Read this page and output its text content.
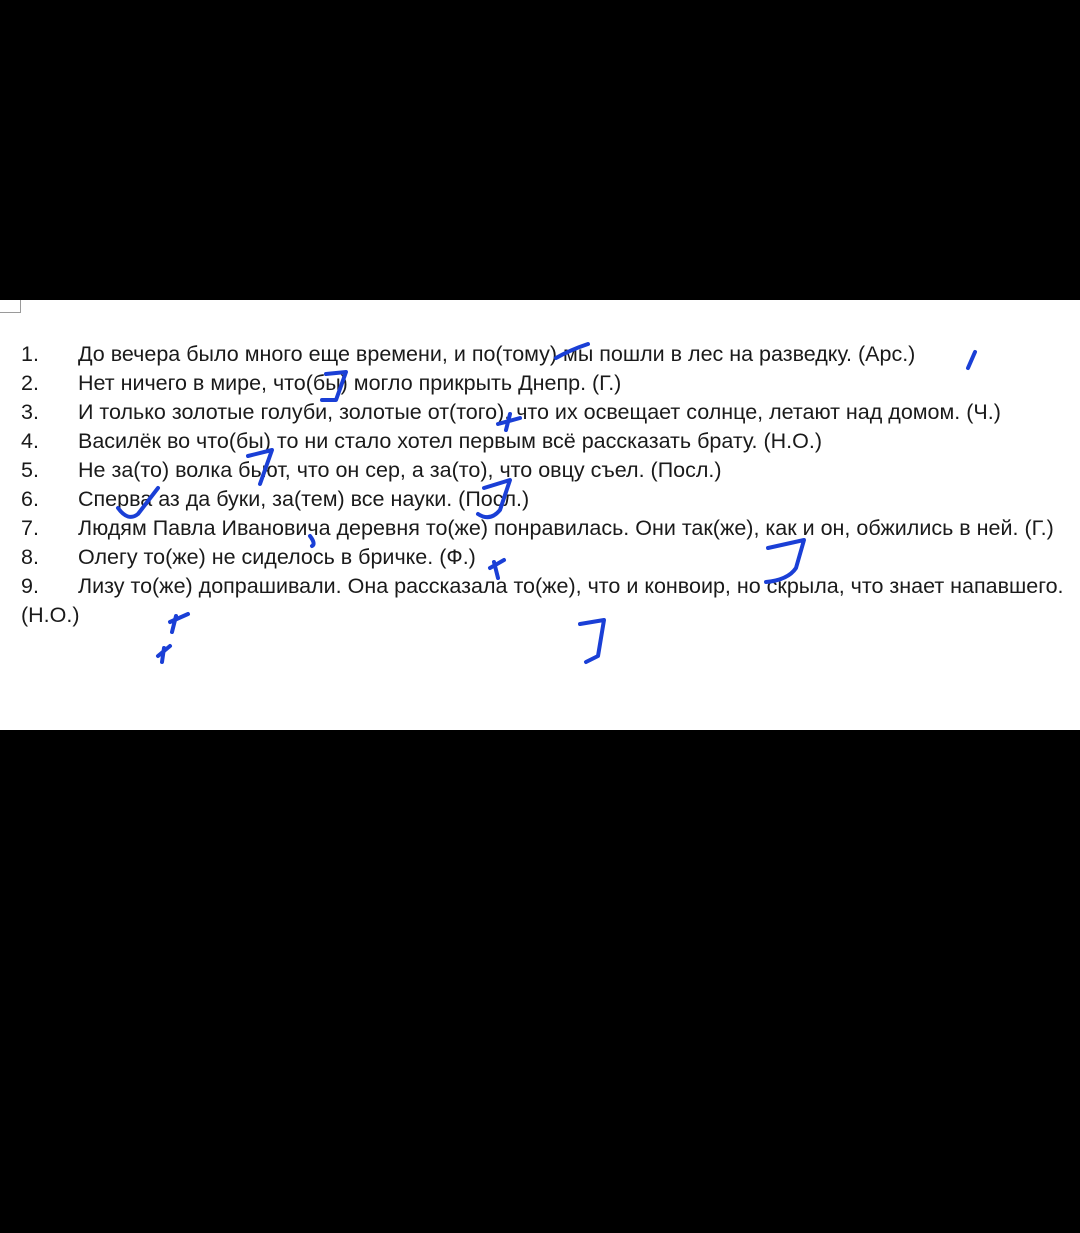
1. До вечера было много еще времени, и по(тому) мы пошли в лес на разведку. (Арс.)
2. Нет ничего в мире, что(бы) могло прикрыть Днепр. (Г.)
3. И только золотые голуби, золотые от(того), что их освещает солнце, летают над домом. (Ч.)
4. Василёк во что(бы) то ни стало хотел первым всё рассказать брату. (Н.О.)
5. Не за(то) волка бьют, что он сер, а за(то), что овцу съел. (Посл.)
6. Сперва аз да буки, за(тем) все науки. (Посл.)
7. Людям Павла Ивановича деревня то(же) понравилась. Они так(же), как и он, обжились в ней. (Г.)
8. Олегу то(же) не сиделось в бричке. (Ф.)
9. Лизу то(же) допрашивали. Она рассказала то(же), что и конвоир, но скрыла, что знает напавшего. (Н.О.)
